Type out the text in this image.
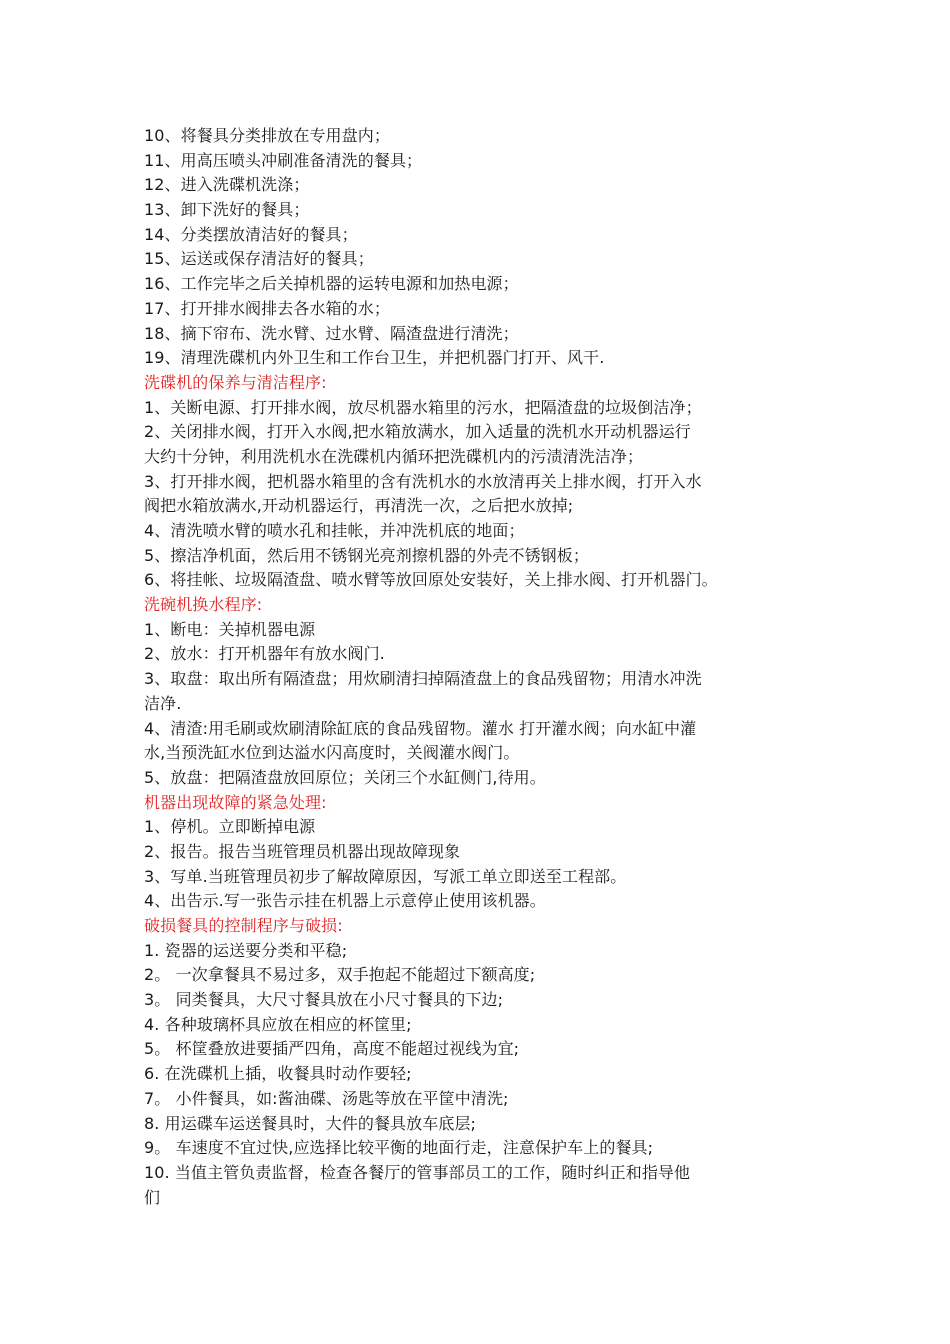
10、将餐具分类排放在专用盘内；
11、用高压喷头冲刷准备清洗的餐具；
12、进入洗碟机洗涤；
13、卸下洗好的餐具；
14、分类摆放清洁好的餐具；
15、运送或保存清洁好的餐具；
16、工作完毕之后关掉机器的运转电源和加热电源；
17、打开排水阀排去各水箱的水；
18、摘下帘布、洗水臂、过水臂、隔渣盘进行清洗；
19、清理洗碟机内外卫生和工作台卫生，并把机器门打开、风干.
洗碟机的保养与清洁程序:
1、关断电源、打开排水阀，放尽机器水箱里的污水，把隔渣盘的垃圾倒洁净；
2、关闭排水阀，打开入水阀,把水箱放满水，加入适量的洗机水开动机器运行
大约十分钟，利用洗机水在洗碟机内循环把洗碟机内的污渍清洗洁净；
3、打开排水阀，把机器水箱里的含有洗机水的水放清再关上排水阀，打开入水
阀把水箱放满水,开动机器运行，再清洗一次，之后把水放掉;
4、清洗喷水臂的喷水孔和挂帐，并冲洗机底的地面；
5、擦洁净机面，然后用不锈钢光亮剂擦机器的外壳不锈钢板；
6、将挂帐、垃圾隔渣盘、喷水臂等放回原处安装好，关上排水阀、打开机器门。
洗碗机换水程序:
1、断电：关掉机器电源
2、放水：打开机器年有放水阀门.
3、取盘：取出所有隔渣盘；用炊刷清扫掉隔渣盘上的食品残留物；用清水冲洗
洁净.
4、清渣:用毛刷或炊刷清除缸底的食品残留物。灌水 打开灌水阀；向水缸中灌
水,当预洗缸水位到达溢水闪高度时，关阀灌水阀门。
5、放盘：把隔渣盘放回原位；关闭三个水缸侧门,待用。
机器出现故障的紧急处理:
1、停机。立即断掉电源
2、报告。报告当班管理员机器出现故障现象
3、写单.当班管理员初步了解故障原因，写派工单立即送至工程部。
4、出告示.写一张告示挂在机器上示意停止使用该机器。
破损餐具的控制程序与破损:
1. 瓷器的运送要分类和平稳;
2。 一次拿餐具不易过多，双手抱起不能超过下额高度;
3。 同类餐具，大尺寸餐具放在小尺寸餐具的下边;
4. 各种玻璃杯具应放在相应的杯筐里;
5。 杯筐叠放进要插严四角，高度不能超过视线为宜;
6. 在洗碟机上插，收餐具时动作要轻;
7。 小件餐具，如:酱油碟、汤匙等放在平筐中清洗;
8. 用运碟车运送餐具时，大件的餐具放车底层;
9。 车速度不宜过快,应选择比较平衡的地面行走，注意保护车上的餐具;
10. 当值主管负责监督，检查各餐厅的管事部员工的工作，随时纠正和指导他
们
